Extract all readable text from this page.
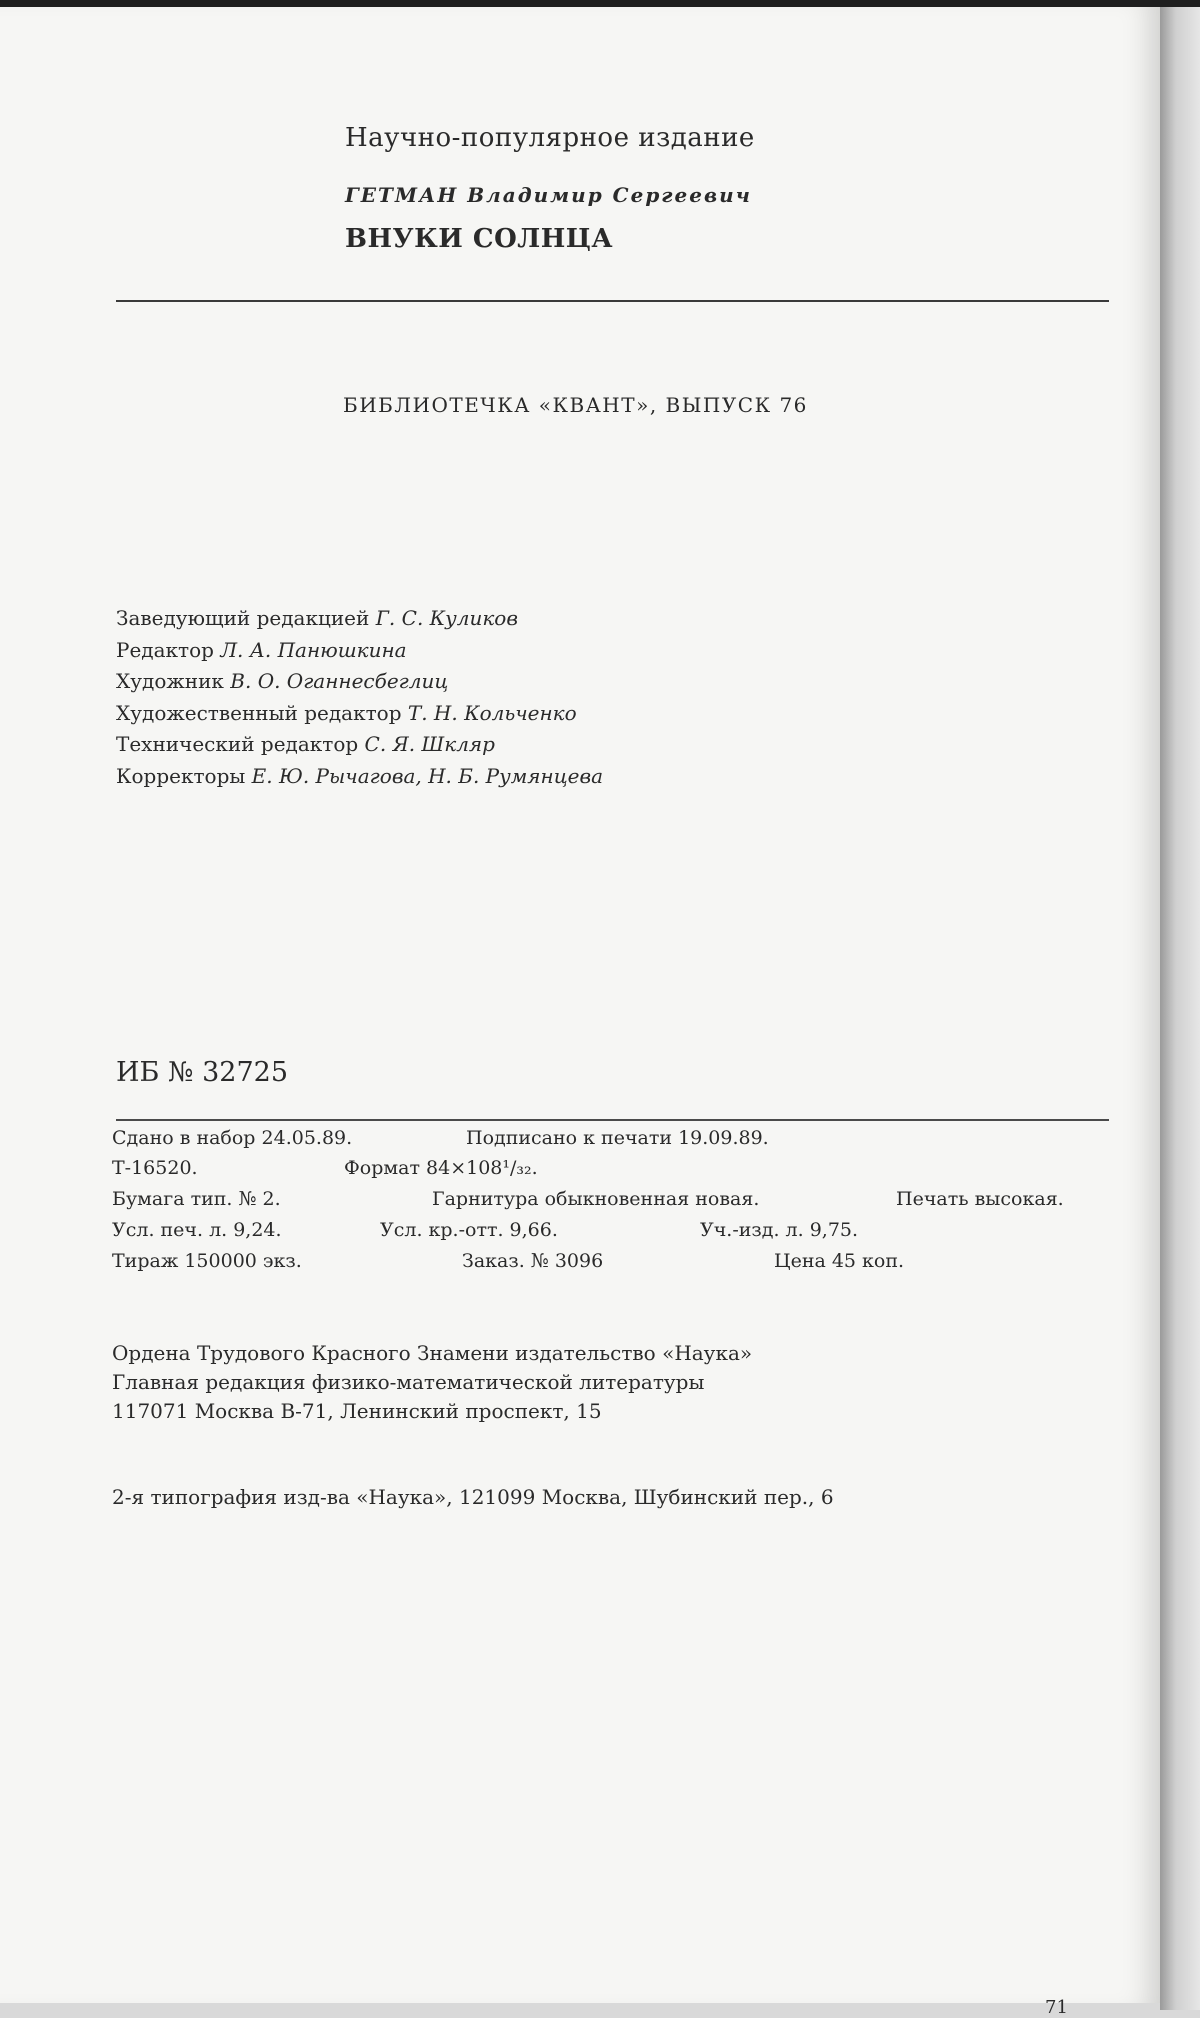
Научно-популярное издание
ГЕТМАН Владимир Сергеевич
ВНУКИ СОЛНЦА
БИБЛИОТЕЧКА «КВАНТ», ВЫПУСК 76
Заведующий редакцией Г. С. Куликов
Редактор Л. А. Панюшкина
Художник В. О. Оганнесбеглиц
Художественный редактор Т. Н. Кольченко
Технический редактор С. Я. Шкляр
Корректоры Е. Ю. Рычагова, Н. Б. Румянцева
ИБ № 32725
Сдано в набор 24.05.89.	Подписано к печати 19.09.89.
Т-16520.	Формат 84×108¹/₃₂.
Бумага тип. № 2.	Гарнитура обыкновенная новая.	Печать высокая.
Усл. печ. л. 9,24.	Усл. кр.-отт. 9,66.	Уч.-изд. л. 9,75.
Тираж 150000 экз.	Заказ. № 3096	Цена 45 коп.
Ордена Трудового Красного Знамени издательство «Наука»
Главная редакция физико-математической литературы
117071 Москва В-71, Ленинский проспект, 15
2-я типография изд-ва «Наука», 121099 Москва, Шубинский пер., 6
71
